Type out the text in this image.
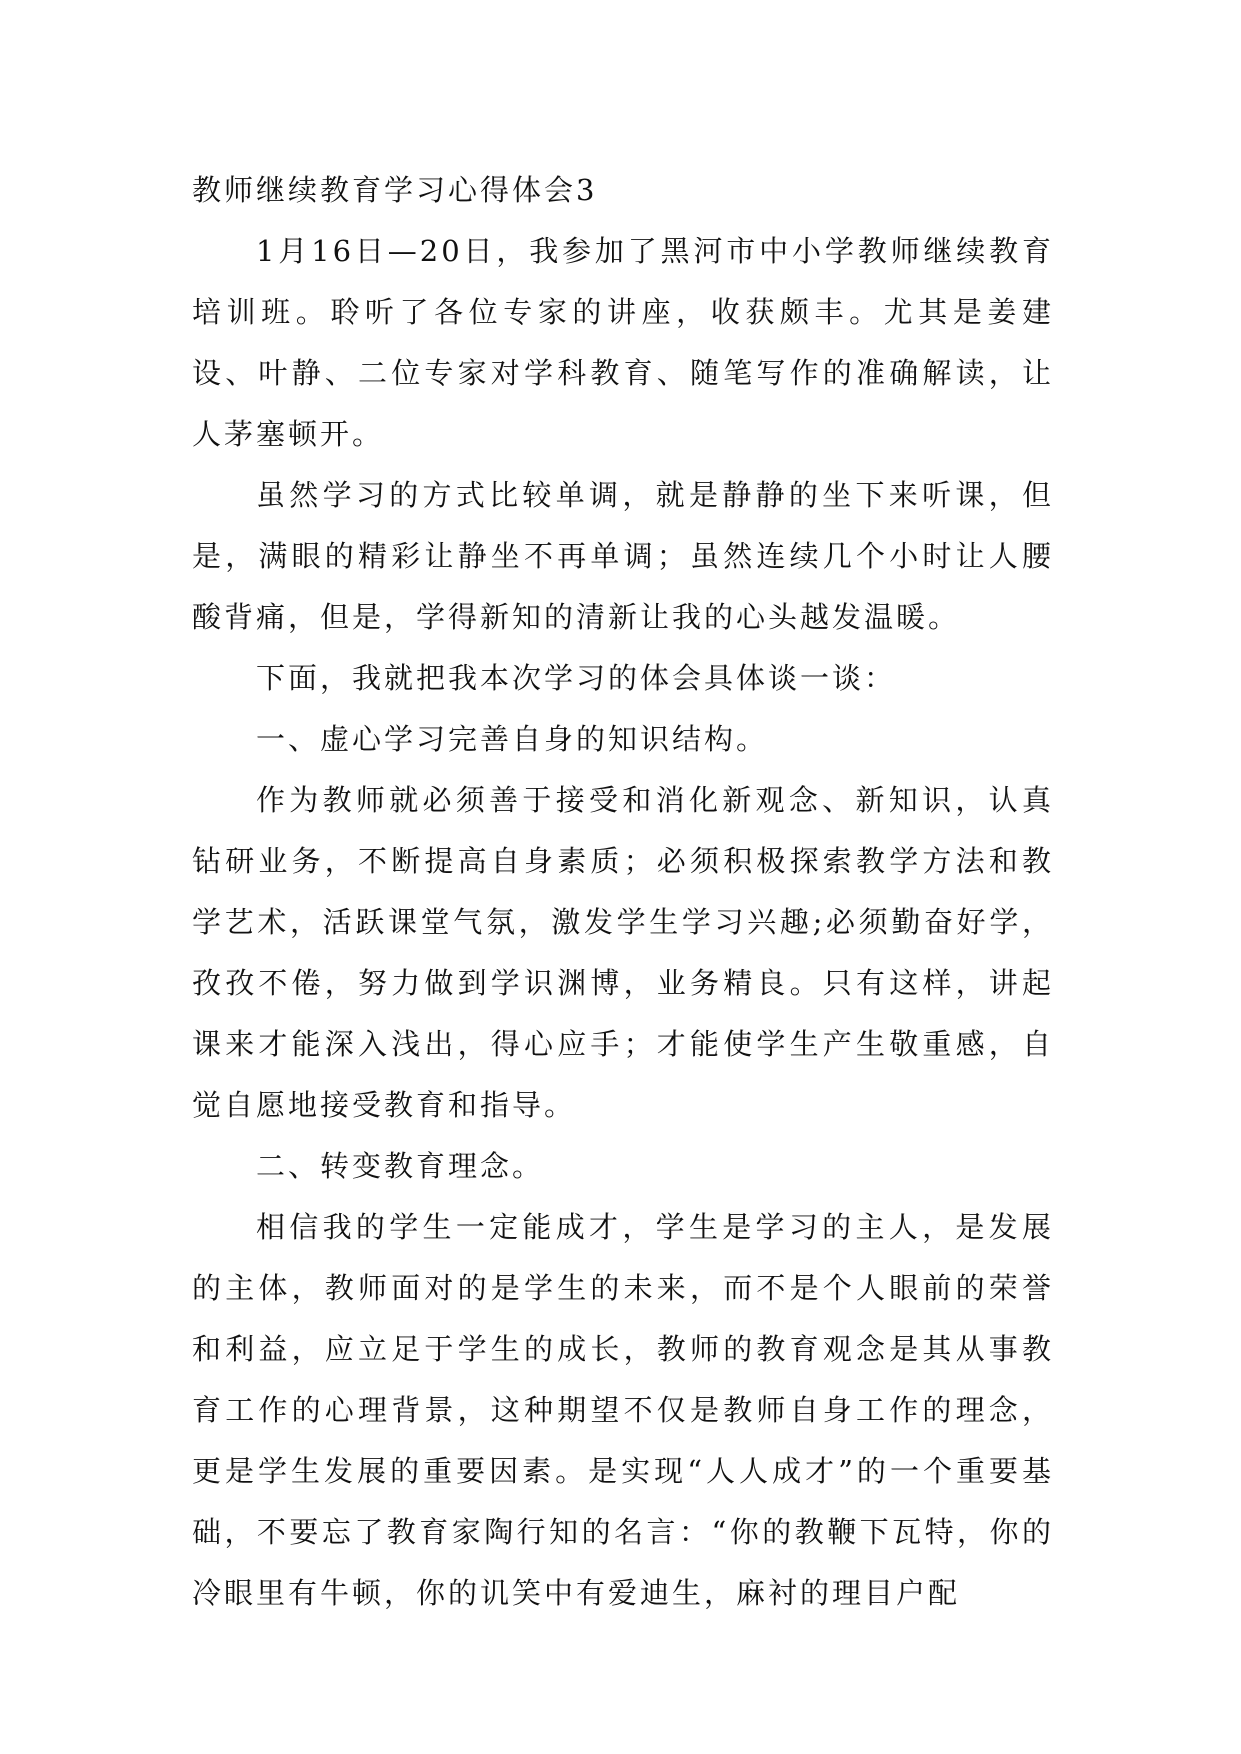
教师继续教育学习心得体会3

1月16日—20日，我参加了黑河市中小学教师继续教育培训班。聆听了各位专家的讲座，收获颇丰。尤其是姜建设、叶静、二位专家对学科教育、随笔写作的准确解读，让人茅塞顿开。

虽然学习的方式比较单调，就是静静的坐下来听课，但是，满眼的精彩让静坐不再单调；虽然连续几个小时让人腰酸背痛，但是，学得新知的清新让我的心头越发温暖。

下面，我就把我本次学习的体会具体谈一谈：

一、虚心学习完善自身的知识结构。

作为教师就必须善于接受和消化新观念、新知识，认真钻研业务，不断提高自身素质；必须积极探索教学方法和教学艺术，活跃课堂气氛，激发学生学习兴趣;必须勤奋好学，孜孜不倦，努力做到学识渊博，业务精良。只有这样，讲起课来才能深入浅出，得心应手；才能使学生产生敬重感，自觉自愿地接受教育和指导。

二、转变教育理念。

相信我的学生一定能成才，学生是学习的主人，是发展的主体，教师面对的是学生的未来，而不是个人眼前的荣誉和利益，应立足于学生的成长，教师的教育观念是其从事教育工作的心理背景，这种期望不仅是教师自身工作的理念，更是学生发展的重要因素。是实现“人人成才”的一个重要基础，不要忘了教育家陶行知的名言：“你的教鞭下瓦特，你的冷眼里有牛顿，你的讥笑中有爱迪生，麻衬的理目户配
